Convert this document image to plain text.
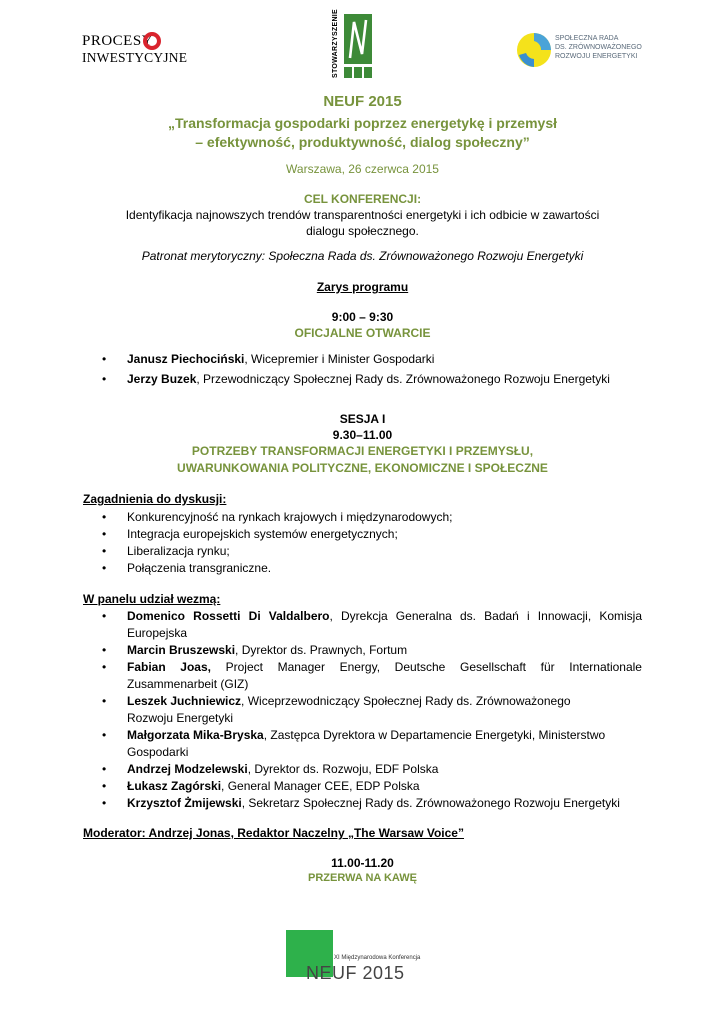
PROCESY
INWESTYCYJNE	STOWARZYSZENIE	SPOŁECZNA RADA
DS. ZRÓWNOWAŻONEGO
ROZWOJU ENERGETYKI
NEUF 2015
„Transformacja gospodarki poprzez energetykę i przemysł
– efektywność, produktywność, dialog społeczny”
Warszawa, 26 czerwca 2015
CEL KONFERENCJI:
Identyfikacja najnowszych trendów transparentności energetyki i ich odbicie w zawartości
dialogu społecznego.
Patronat merytoryczny: Społeczna Rada ds. Zrównoważonego Rozwoju Energetyki
Zarys programu
9:00 – 9:30
OFICJALNE OTWARCIE
• Janusz Piechociński, Wicepremier i Minister Gospodarki
• Jerzy Buzek, Przewodniczący Społecznej Rady ds. Zrównoważonego Rozwoju Energetyki
SESJA I
9.30–11.00
POTRZEBY TRANSFORMACJI ENERGETYKI I PRZEMYSŁU,
UWARUNKOWANIA POLITYCZNE, EKONOMICZNE I SPOŁECZNE
Zagadnienia do dyskusji:
• Konkurencyjność na rynkach krajowych i międzynarodowych;
• Integracja europejskich systemów energetycznych;
• Liberalizacja rynku;
• Połączenia transgraniczne.
W panelu udział wezmą:
• Domenico Rossetti Di Valdalbero, Dyrekcja Generalna ds. Badań i Innowacji, Komisja Europejska
• Marcin Bruszewski, Dyrektor ds. Prawnych, Fortum
• Fabian Joas, Project Manager Energy, Deutsche Gesellschaft für Internationale Zusammenarbeit (GIZ)
• Leszek Juchniewicz, Wiceprzewodniczący Społecznej Rady ds. Zrównoważonego Rozwoju Energetyki
• Małgorzata Mika-Bryska, Zastępca Dyrektora w Departamencie Energetyki, Ministerstwo Gospodarki
• Andrzej Modzelewski, Dyrektor ds. Rozwoju, EDF Polska
• Łukasz Zagórski, General Manager CEE, EDP Polska
• Krzysztof Żmijewski, Sekretarz Społecznej Rady ds. Zrównoważonego Rozwoju Energetyki
Moderator: Andrzej Jonas, Redaktor Naczelny „The Warsaw Voice”
11.00-11.20
PRZERWA NA KAWĘ
XI Międzynarodowa Konferencja
NEUF 2015
